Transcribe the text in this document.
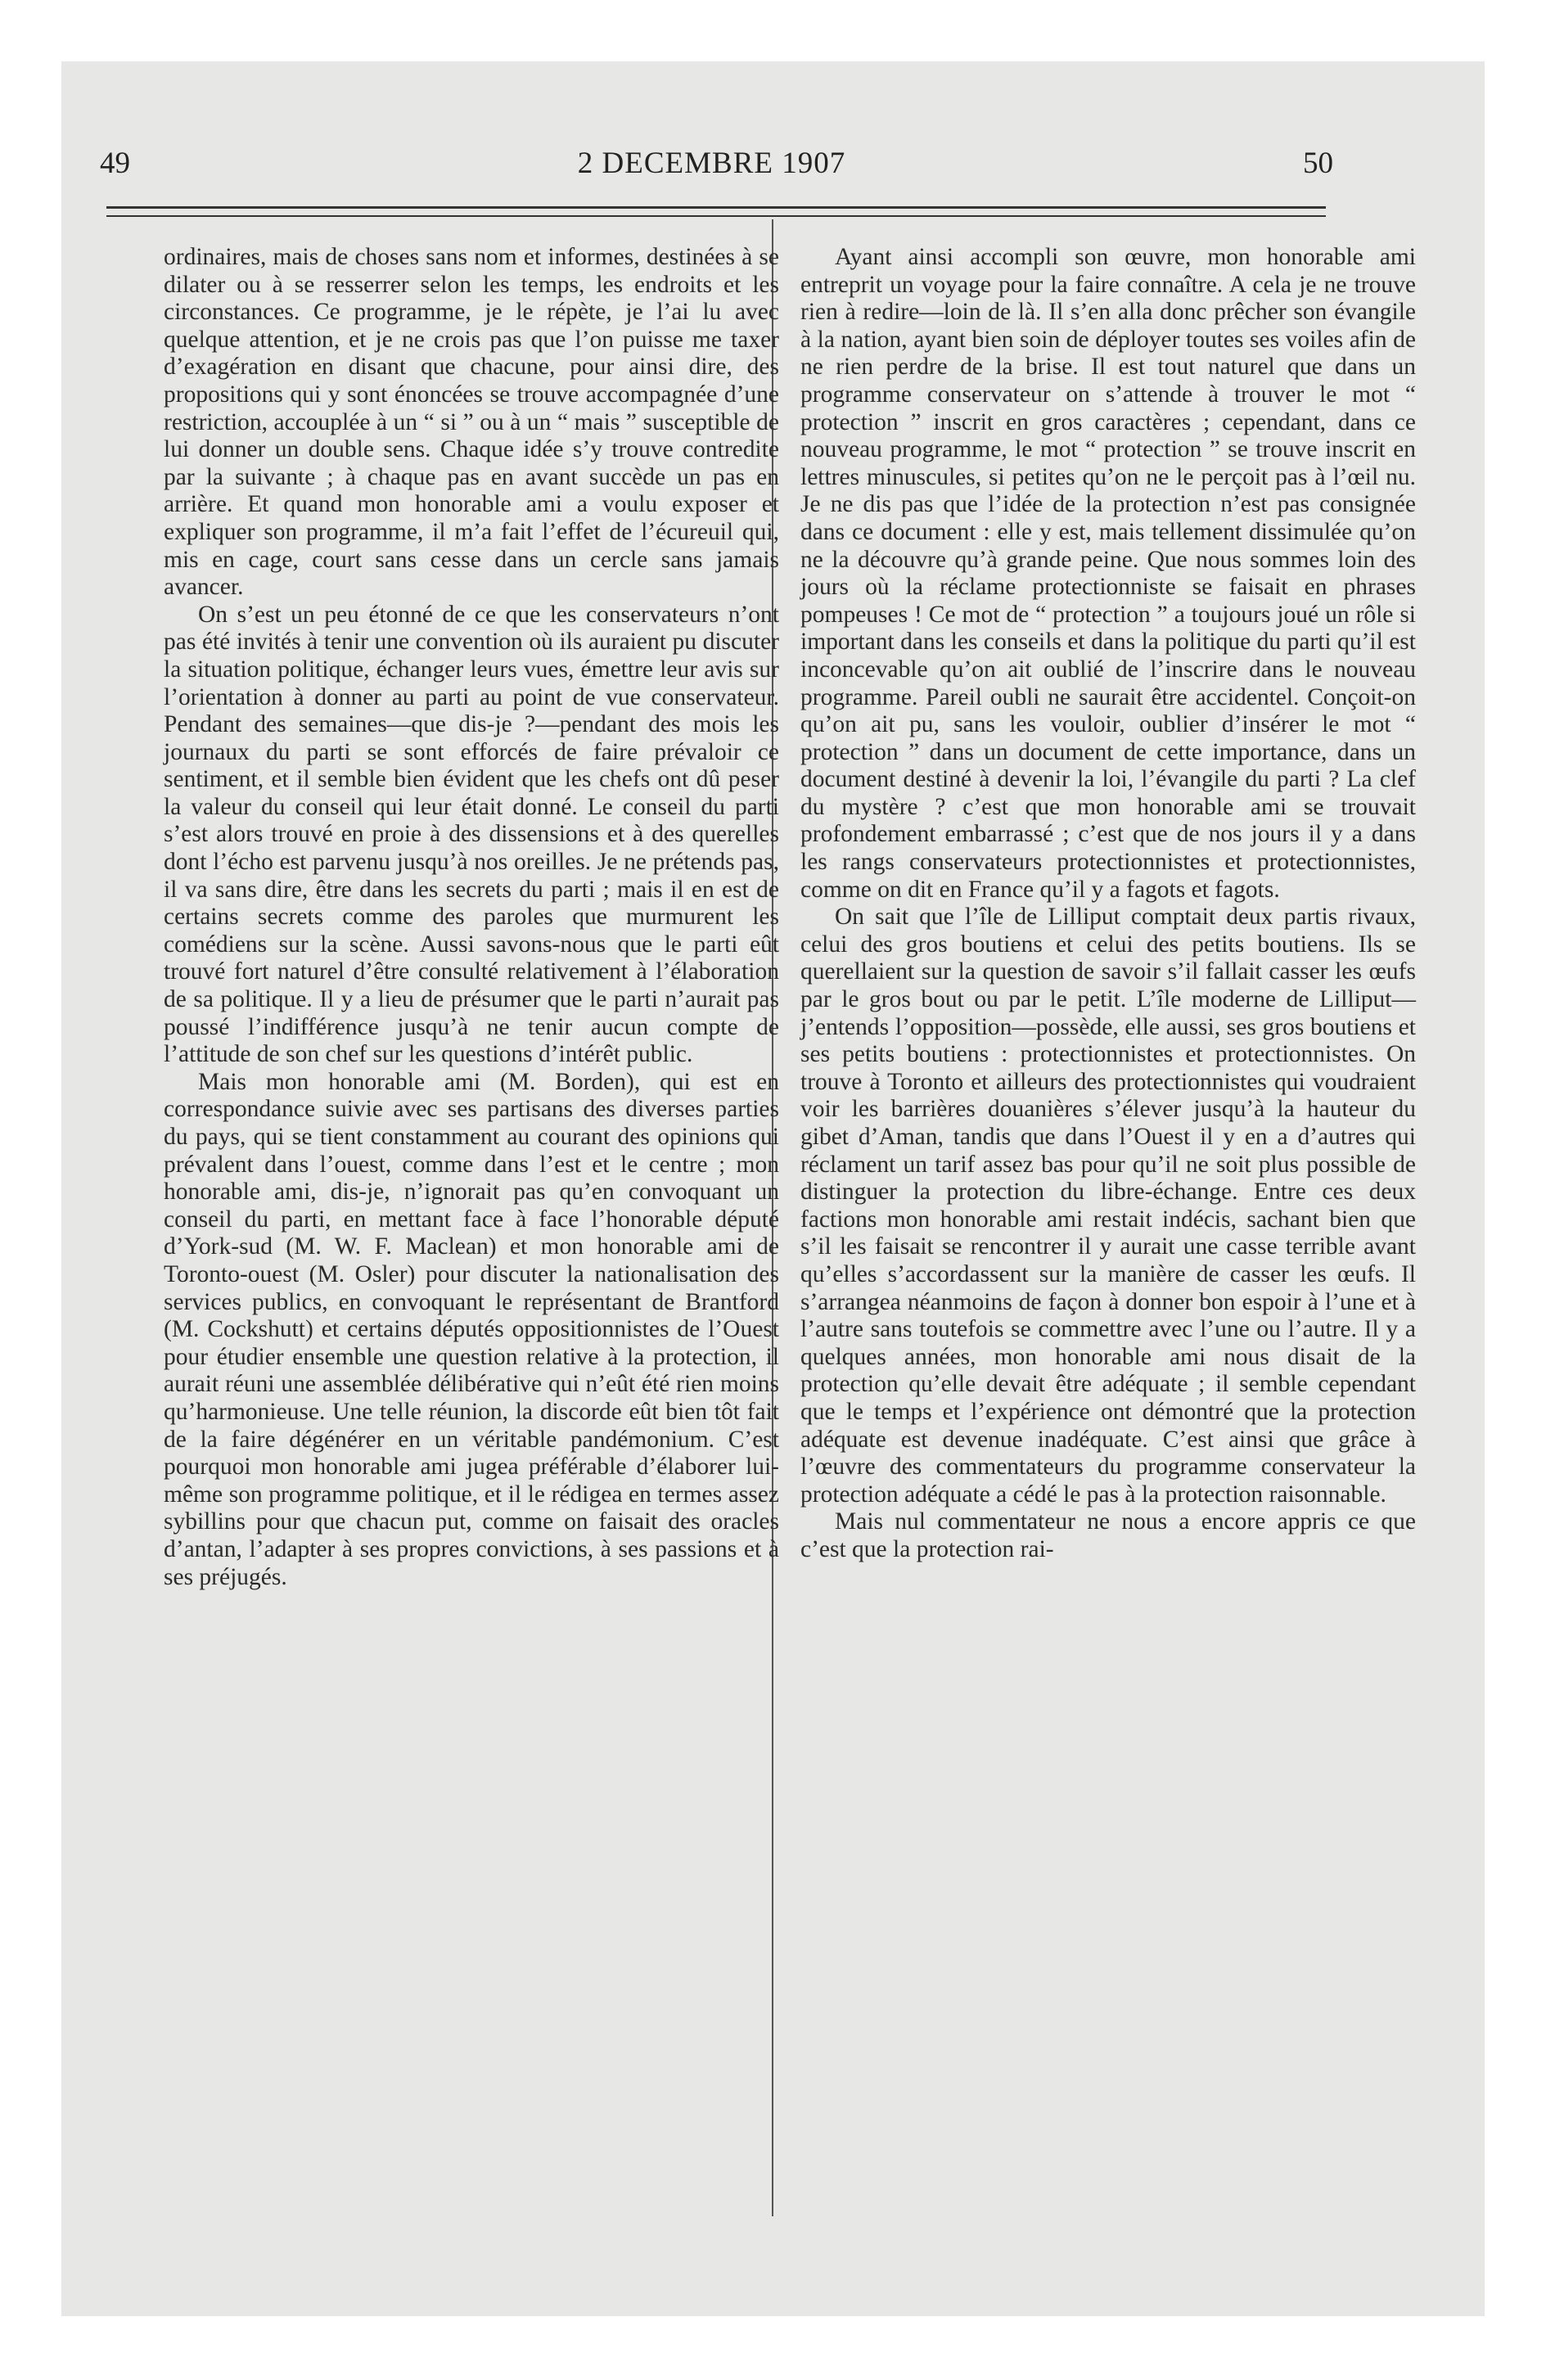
49	2 DECEMBRE 1907	50

ordinaires, mais de choses sans nom et informes, destinées à se dilater ou à se resserrer selon les temps, les endroits et les circonstances. Ce programme, je le répète, je l’ai lu avec quelque attention, et je ne crois pas que l’on puisse me taxer d’exagération en disant que chacune, pour ainsi dire, des propositions qui y sont énoncées se trouve accompagnée d’une restriction, accouplée à un “ si ” ou à un “ mais ” susceptible de lui donner un double sens. Chaque idée s’y trouve contredite par la suivante ; à chaque pas en avant succède un pas en arrière. Et quand mon honorable ami a voulu exposer et expliquer son programme, il m’a fait l’effet de l’écureuil qui, mis en cage, court sans cesse dans un cercle sans jamais avancer.

On s’est un peu étonné de ce que les conservateurs n’ont pas été invités à tenir une convention où ils auraient pu discuter la situation politique, échanger leurs vues, émettre leur avis sur l’orientation à donner au parti au point de vue conservateur. Pendant des semaines—que dis-je ?—pendant des mois les journaux du parti se sont efforcés de faire prévaloir ce sentiment, et il semble bien évident que les chefs ont dû peser la valeur du conseil qui leur était donné. Le conseil du parti s’est alors trouvé en proie à des dissensions et à des querelles dont l’écho est parvenu jusqu’à nos oreilles. Je ne prétends pas, il va sans dire, être dans les secrets du parti ; mais il en est de certains secrets comme des paroles que murmurent les comédiens sur la scène. Aussi savons-nous que le parti eût trouvé fort naturel d’être consulté relativement à l’élaboration de sa politique. Il y a lieu de présumer que le parti n’aurait pas poussé l’indifférence jusqu’à ne tenir aucun compte de l’attitude de son chef sur les questions d’intérêt public.

Mais mon honorable ami (M. Borden), qui est en correspondance suivie avec ses partisans des diverses parties du pays, qui se tient constamment au courant des opinions qui prévalent dans l’ouest, comme dans l’est et le centre ; mon honorable ami, dis-je, n’ignorait pas qu’en convoquant un conseil du parti, en mettant face à face l’honorable député d’York-sud (M. W. F. Maclean) et mon honorable ami de Toronto-ouest (M. Osler) pour discuter la nationalisation des services publics, en convoquant le représentant de Brantford (M. Cockshutt) et certains députés oppositionnistes de l’Ouest pour étudier ensemble une question relative à la protection, il aurait réuni une assemblée délibérative qui n’eût été rien moins qu’harmonieuse. Une telle réunion, la discorde eût bien tôt fait de la faire dégénérer en un véritable pandémonium. C’est pourquoi mon honorable ami jugea préférable d’élaborer lui-même son programme politique, et il le rédigea en termes assez sybillins pour que chacun put, comme on faisait des oracles d’antan, l’adapter à ses propres convictions, à ses passions et à ses préjugés.

Ayant ainsi accompli son œuvre, mon honorable ami entreprit un voyage pour la faire connaître. A cela je ne trouve rien à redire—loin de là. Il s’en alla donc prêcher son évangile à la nation, ayant bien soin de déployer toutes ses voiles afin de ne rien perdre de la brise. Il est tout naturel que dans un programme conservateur on s’attende à trouver le mot “ protection ” inscrit en gros caractères ; cependant, dans ce nouveau programme, le mot “ protection ” se trouve inscrit en lettres minuscules, si petites qu’on ne le perçoit pas à l’œil nu. Je ne dis pas que l’idée de la protection n’est pas consignée dans ce document : elle y est, mais tellement dissimulée qu’on ne la découvre qu’à grande peine. Que nous sommes loin des jours où la réclame protectionniste se faisait en phrases pompeuses ! Ce mot de “ protection ” a toujours joué un rôle si important dans les conseils et dans la politique du parti qu’il est inconcevable qu’on ait oublié de l’inscrire dans le nouveau programme. Pareil oubli ne saurait être accidentel. Conçoit-on qu’on ait pu, sans les vouloir, oublier d’insérer le mot “ protection ” dans un document de cette importance, dans un document destiné à devenir la loi, l’évangile du parti ? La clef du mystère ? c’est que mon honorable ami se trouvait profondement embarrassé ; c’est que de nos jours il y a dans les rangs conservateurs protectionnistes et protectionnistes, comme on dit en France qu’il y a fagots et fagots.

On sait que l’île de Lilliput comptait deux partis rivaux, celui des gros boutiens et celui des petits boutiens. Ils se querellaient sur la question de savoir s’il fallait casser les œufs par le gros bout ou par le petit. L’île moderne de Lilliput—j’entends l’opposition—possède, elle aussi, ses gros boutiens et ses petits boutiens : protectionnistes et protectionnistes. On trouve à Toronto et ailleurs des protectionnistes qui voudraient voir les barrières douanières s’élever jusqu’à la hauteur du gibet d’Aman, tandis que dans l’Ouest il y en a d’autres qui réclament un tarif assez bas pour qu’il ne soit plus possible de distinguer la protection du libre-échange. Entre ces deux factions mon honorable ami restait indécis, sachant bien que s’il les faisait se rencontrer il y aurait une casse terrible avant qu’elles s’accordassent sur la manière de casser les œufs. Il s’arrangea néanmoins de façon à donner bon espoir à l’une et à l’autre sans toutefois se commettre avec l’une ou l’autre. Il y a quelques années, mon honorable ami nous disait de la protection qu’elle devait être adéquate ; il semble cependant que le temps et l’expérience ont démontré que la protection adéquate est devenue inadéquate. C’est ainsi que grâce à l’œuvre des commentateurs du programme conservateur la protection adéquate a cédé le pas à la protection raisonnable.

Mais nul commentateur ne nous a encore appris ce que c’est que la protection rai-
